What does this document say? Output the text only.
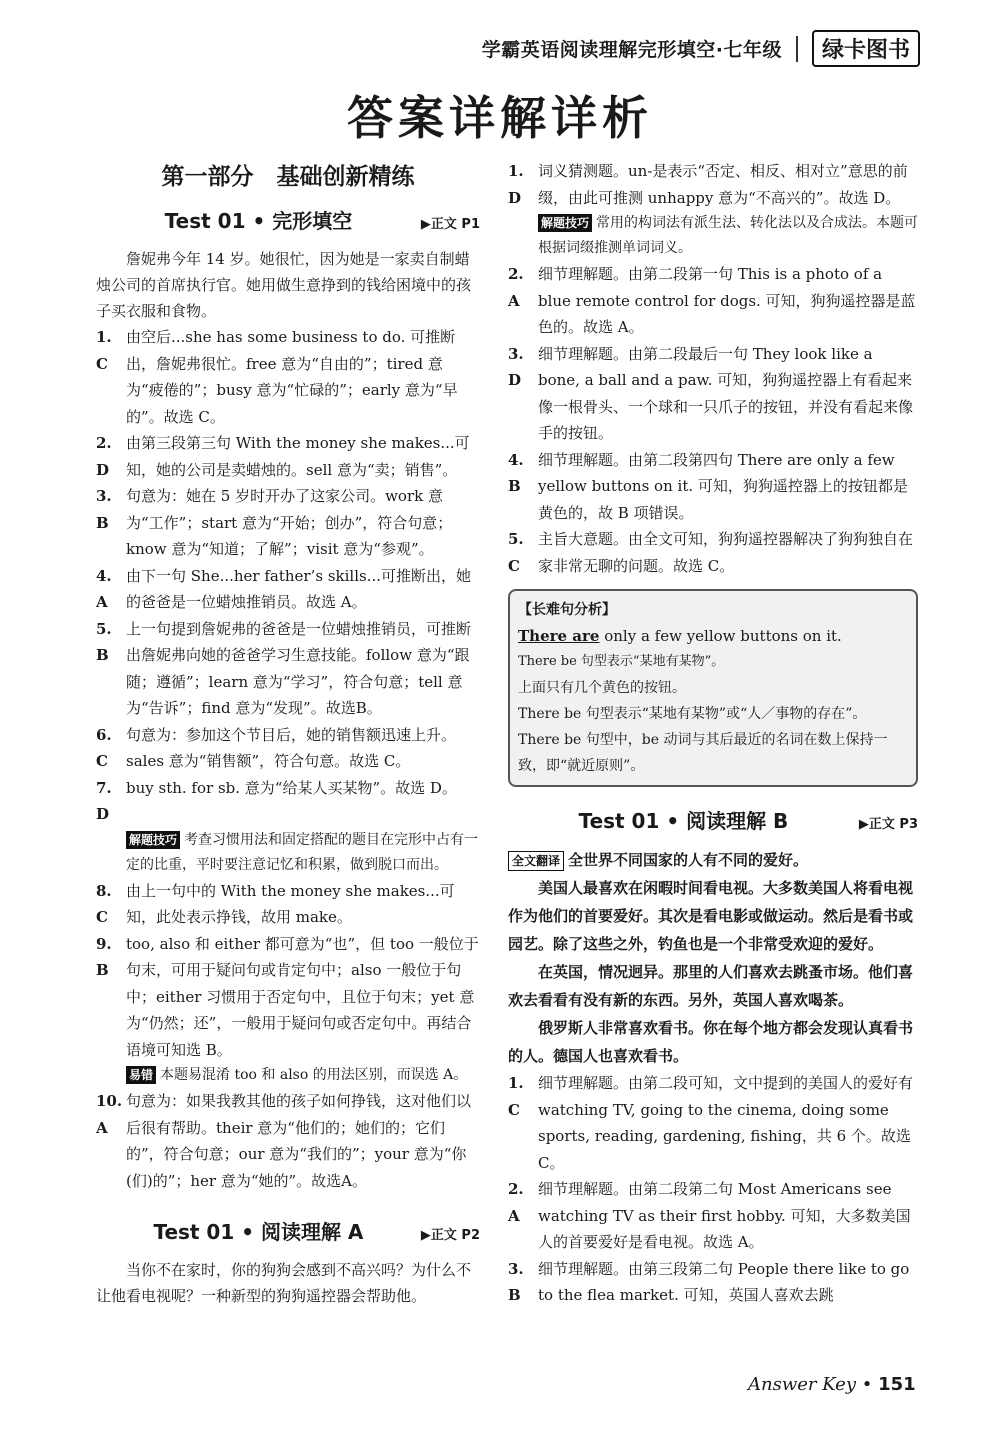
学霸英语阅读理解完形填空·七年级	绿卡图书
答案详解详析
第一部分　基础创新精练
Test 01 • 完形填空	▶正文 P1

詹妮弗今年 14 岁。她很忙，因为她是一家卖自制蜡烛公司的首席执行官。她用做生意挣到的钱给困境中的孩子买衣服和食物。

1. C
由空后...she has some business to do. 可推断出，詹妮弗很忙。free 意为“自由的”；tired 意为“疲倦的”；busy 意为“忙碌的”；early 意为“早的”。故选 C。
2. D
由第三段第三句 With the money she makes...可知，她的公司是卖蜡烛的。sell 意为“卖；销售”。
3. B
句意为：她在 5 岁时开办了这家公司。work 意为“工作”；start 意为“开始；创办”，符合句意；know 意为“知道；了解”；visit 意为“参观”。
4. A
由下一句 She...her father’s skills...可推断出，她的爸爸是一位蜡烛推销员。故选 A。
5. B
上一句提到詹妮弗的爸爸是一位蜡烛推销员，可推断出詹妮弗向她的爸爸学习生意技能。follow 意为“跟随；遵循”；learn 意为“学习”，符合句意；tell 意为“告诉”；find 意为“发现”。故选B。
6. C
句意为：参加这个节目后，她的销售额迅速上升。sales 意为“销售额”，符合句意。故选 C。
7. D
buy sth. for sb. 意为“给某人买某物”。故选 D。

解题技巧 考查习惯用法和固定搭配的题目在完形中占有一定的比重，平时要注意记忆和积累，做到脱口而出。

8. C
由上一句中的 With the money she makes...可知，此处表示挣钱，故用 make。
9. B
too, also 和 either 都可意为“也”，但 too 一般位于句末，可用于疑问句或肯定句中；also 一般位于句中；either 习惯用于否定句中，且位于句末；yet 意为“仍然；还”，一般用于疑问句或否定句中。再结合语境可知选 B。

易错 本题易混淆 too 和 also 的用法区别，而误选 A。

10. A
句意为：如果我教其他的孩子如何挣钱，这对他们以后很有帮助。their 意为“他们的；她们的；它们的”，符合句意；our 意为“我们的”；your 意为“你(们)的”；her 意为“她的”。故选A。
Test 01 • 阅读理解 A	▶正文 P2

当你不在家时，你的狗狗会感到不高兴吗？为什么不让他看电视呢？一种新型的狗狗遥控器会帮助他。

1. D
词义猜测题。un-是表示“否定、相反、相对立”意思的前缀，由此可推测 unhappy 意为“不高兴的”。故选 D。

解题技巧 常用的构词法有派生法、转化法以及合成法。本题可根据词缀推测单词词义。

2. A
细节理解题。由第二段第一句 This is a photo of a blue remote control for dogs. 可知，狗狗遥控器是蓝色的。故选 A。
3. D
细节理解题。由第二段最后一句 They look like a bone, a ball and a paw. 可知，狗狗遥控器上有看起来像一根骨头、一个球和一只爪子的按钮，并没有看起来像手的按钮。
4. B
细节理解题。由第二段第四句 There are only a few yellow buttons on it. 可知，狗狗遥控器上的按钮都是黄色的，故 B 项错误。
5. C
主旨大意题。由全文可知，狗狗遥控器解决了狗狗独自在家非常无聊的问题。故选 C。
【长难句分析】
There are only a few yellow buttons on it.
There be 句型表示“某地有某物”。
上面只有几个黄色的按钮。
There be 句型表示“某地有某物”或“人／事物的存在”。
There be 句型中，be 动词与其后最近的名词在数上保持一致，即“就近原则”。
Test 01 • 阅读理解 B	▶正文 P3

全文翻译 全世界不同国家的人有不同的爱好。

美国人最喜欢在闲暇时间看电视。大多数美国人将看电视作为他们的首要爱好。其次是看电影或做运动。然后是看书或园艺。除了这些之外，钓鱼也是一个非常受欢迎的爱好。

在英国，情况迥异。那里的人们喜欢去跳蚤市场。他们喜欢去看看有没有新的东西。另外，英国人喜欢喝茶。

俄罗斯人非常喜欢看书。你在每个地方都会发现认真看书的人。德国人也喜欢看书。

1. C
细节理解题。由第二段可知，文中提到的美国人的爱好有 watching TV, going to the cinema, doing some sports, reading, gardening, fishing，共 6 个。故选C。
2. A
细节理解题。由第二段第二句 Most Americans see watching TV as their first hobby. 可知，大多数美国人的首要爱好是看电视。故选 A。
3. B
细节理解题。由第三段第二句 People there like to go to the flea market. 可知，英国人喜欢去跳
Answer Key • 151
